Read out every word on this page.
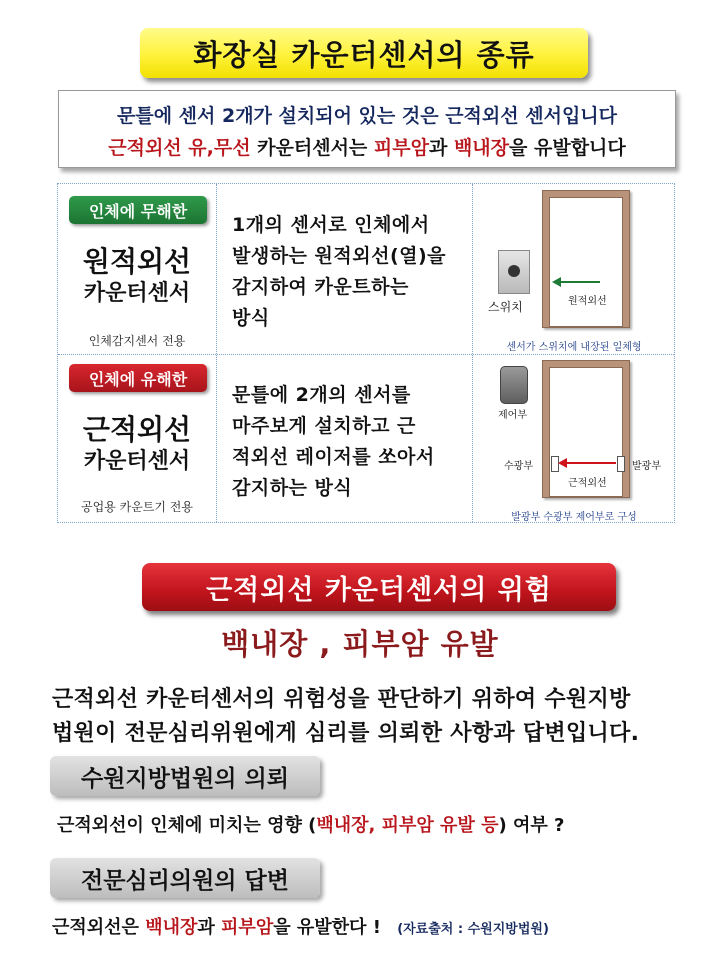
화장실 카운터센서의 종류
문틀에 센서 2개가 설치되어 있는 것은 근적외선 센서입니다
근적외선 유,무선 카운터센서는 피부암과 백내장을 유발합니다
인체에 무해한
원적외선
카운터센서
인체감지센서 전용
1개의 센서로 인체에서
발생하는 원적외선(열)을
감지하여 카운트하는
방식	스위치	원적외선
센서가 스위치에 내장된 일체형
인체에 유해한
근적외선
카운터센서
공업용 카운트기 전용
문틀에 2개의 센서를
마주보게 설치하고 근
적외선 레이저를 쏘아서
감지하는 방식
제어부
수광부	발광부
근적외선
발광부 수광부 제어부로 구성
근적외선 카운터센서의 위험
백내장 , 피부암 유발
근적외선 카운터센서의 위험성을 판단하기 위하여 수원지방
법원이 전문심리위원에게 심리를 의뢰한 사항과 답변입니다.
수원지방법원의 의뢰
근적외선이 인체에 미치는 영향 (백내장, 피부암 유발 등) 여부 ?
전문심리의원의 답변
근적외선은 백내장과 피부암을 유발한다 ! (자료출처 : 수원지방법원)
